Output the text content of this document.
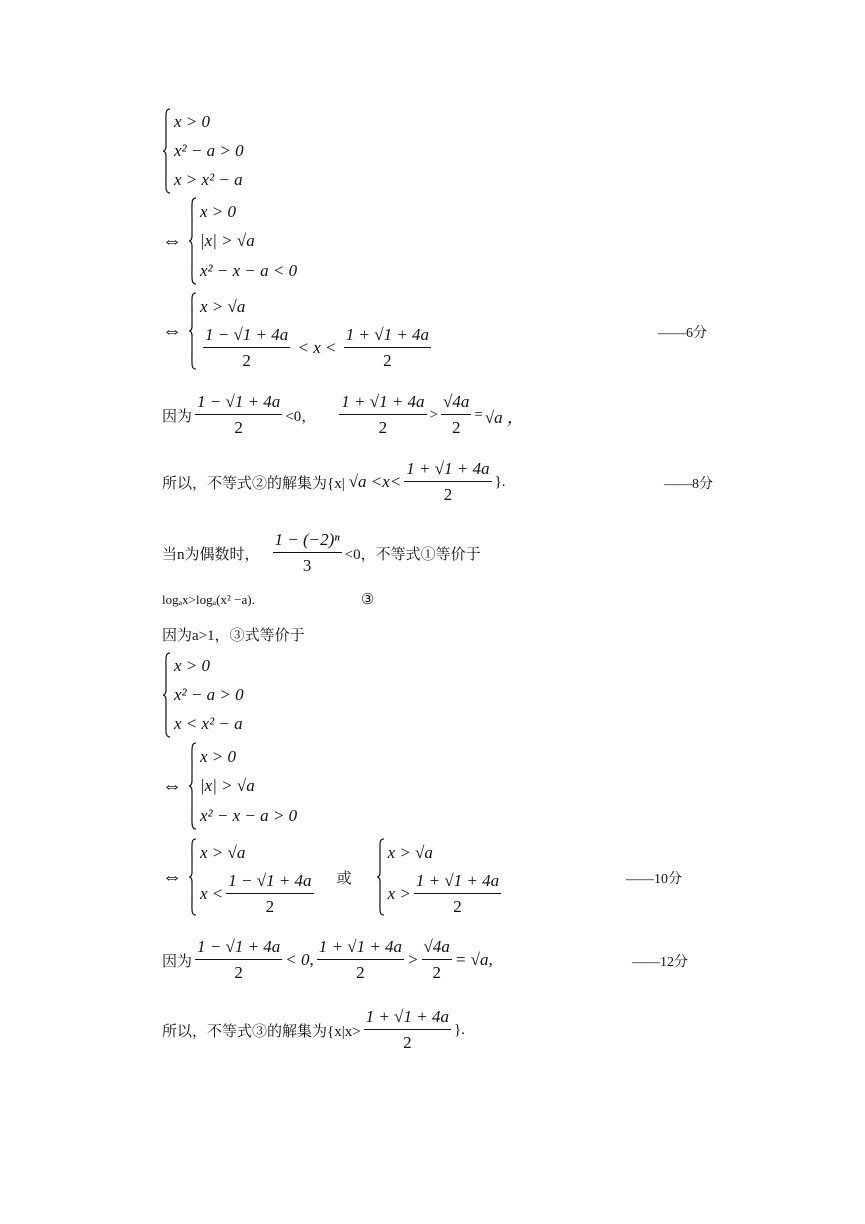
x > 0
x² − a > 0
x > x² − a
⇔
x > 0
|x| > √a
x² − x − a < 0
⇔
x > √a
$\frac{1 - √1 + 4a}{2} < x < \frac{1 + √1 + 4a}{2}$	——6分
因为 $\frac{1 - √1 + 4a}{2} <0$， $\frac{1 + √1 + 4a}{2} > \frac{√4a}{2} = √a$ ，
所以，不等式②的解集为{x| $√a <x< \frac{1 + √1 + 4a}{2}$ }.	——8分
当n为偶数时， $\frac{\text{1 − (−2)ⁿ}}{3} <0$，不等式①等价于
logₐx>logₐ(x² −a).	③
因为a>1，③式等价于
x > 0
x² − a > 0
x < x² − a
⇔
x > 0
|x| > √a
x² − x − a > 0
⇔
x > √a
$x < \frac{1 - √1 + 4a}{2}$ 或
x > √a
$x > \frac{1 + √1 + 4a}{2}$	——10分
因为 $\frac{1 - √1 + 4a}{2} < 0$, $\frac{1 + √1 + 4a}{2} > \frac{√4a}{2} = √a$,	——12分
所以，不等式③的解集为{$x|x> \frac{1 + √1 + 4a}{2}$ }.
